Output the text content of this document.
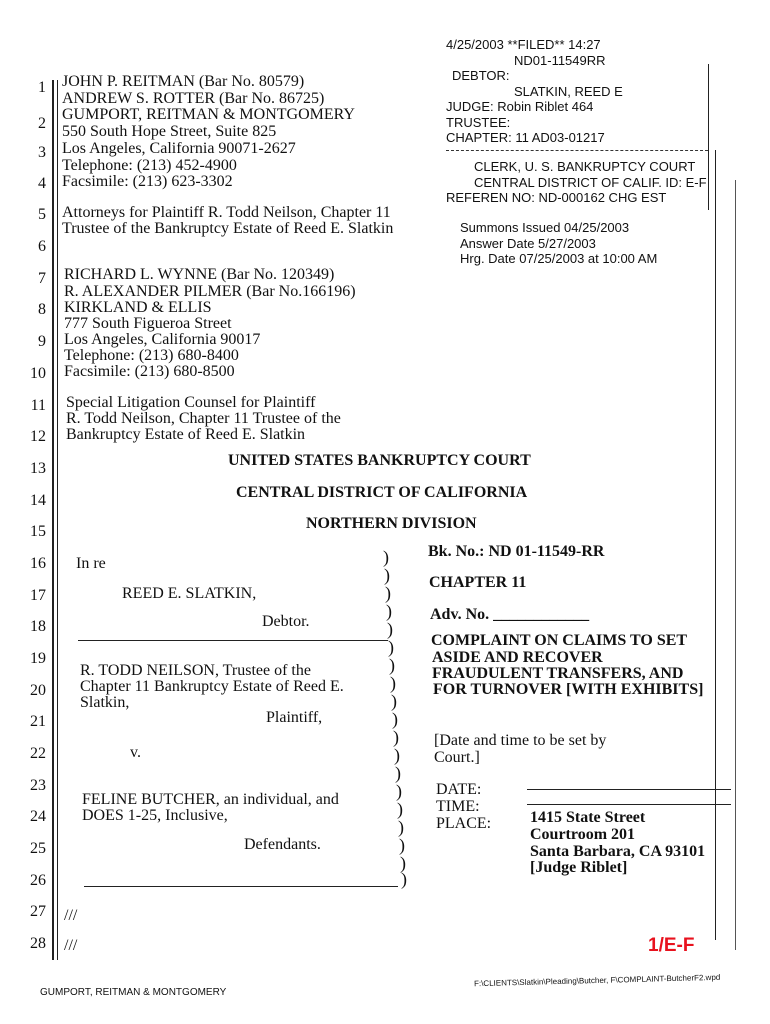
4/25/2003 **FILED** 14:27
ND01-11549RR
DEBTOR:
SLATKIN, REED E
JUDGE: Robin Riblet 464
TRUSTEE:
CHAPTER: 11 AD03-01217
CLERK, U. S. BANKRUPTCY COURT
CENTRAL DISTRICT OF CALIF. ID: E-F
REFEREN NO: ND-000162 CHG EST
Summons Issued 04/25/2003
Answer Date 5/27/2003
Hrg. Date 07/25/2003 at 10:00 AM
1
2
3
4
5
6
7
8
9
10
11
12
13
14
15
16
17
18
19
20
21
22
23
24
25
26
27
28
JOHN P. REITMAN (Bar No. 80579)
ANDREW S. ROTTER (Bar No. 86725)
GUMPORT, REITMAN & MONTGOMERY
550 South Hope Street, Suite 825
Los Angeles, California 90071-2627
Telephone: (213) 452-4900
Facsimile: (213) 623-3302
Attorneys for Plaintiff R. Todd Neilson, Chapter 11
Trustee of the Bankruptcy Estate of Reed E. Slatkin
RICHARD L. WYNNE (Bar No. 120349)
R. ALEXANDER PILMER (Bar No.166196)
KIRKLAND & ELLIS
777 South Figueroa Street
Los Angeles, California 90017
Telephone: (213) 680-8400
Facsimile: (213) 680-8500
Special Litigation Counsel for Plaintiff
R. Todd Neilson, Chapter 11 Trustee of the
Bankruptcy Estate of Reed E. Slatkin
UNITED STATES BANKRUPTCY COURT
CENTRAL DISTRICT OF CALIFORNIA
NORTHERN DIVISION
In re
REED E. SLATKIN,
Debtor.
R. TODD NEILSON, Trustee of the
Chapter 11 Bankruptcy Estate of Reed E.
Slatkin,
Plaintiff,
v.
FELINE BUTCHER, an individual, and
DOES 1-25, Inclusive,
Defendants.
)
)
)
)
)
)
)
)
)
)
)
)
)
)
)
)
)
)
)
Bk. No.: ND 01-11549-RR
CHAPTER 11
Adv. No. ____________
COMPLAINT ON CLAIMS TO SET
ASIDE AND RECOVER
FRAUDULENT TRANSFERS, AND
FOR TURNOVER [WITH EXHIBITS]
[Date and time to be set by
Court.]
DATE:
TIME:
PLACE: 1415 State Street
Courtroom 201
Santa Barbara, CA 93101
[Judge Riblet]
///
///	1/E-F
F:\CLIENTS\Slatkin\Pleading\Butcher, F\COMPLAINT-ButcherF2.wpd
GUMPORT, REITMAN & MONTGOMERY
